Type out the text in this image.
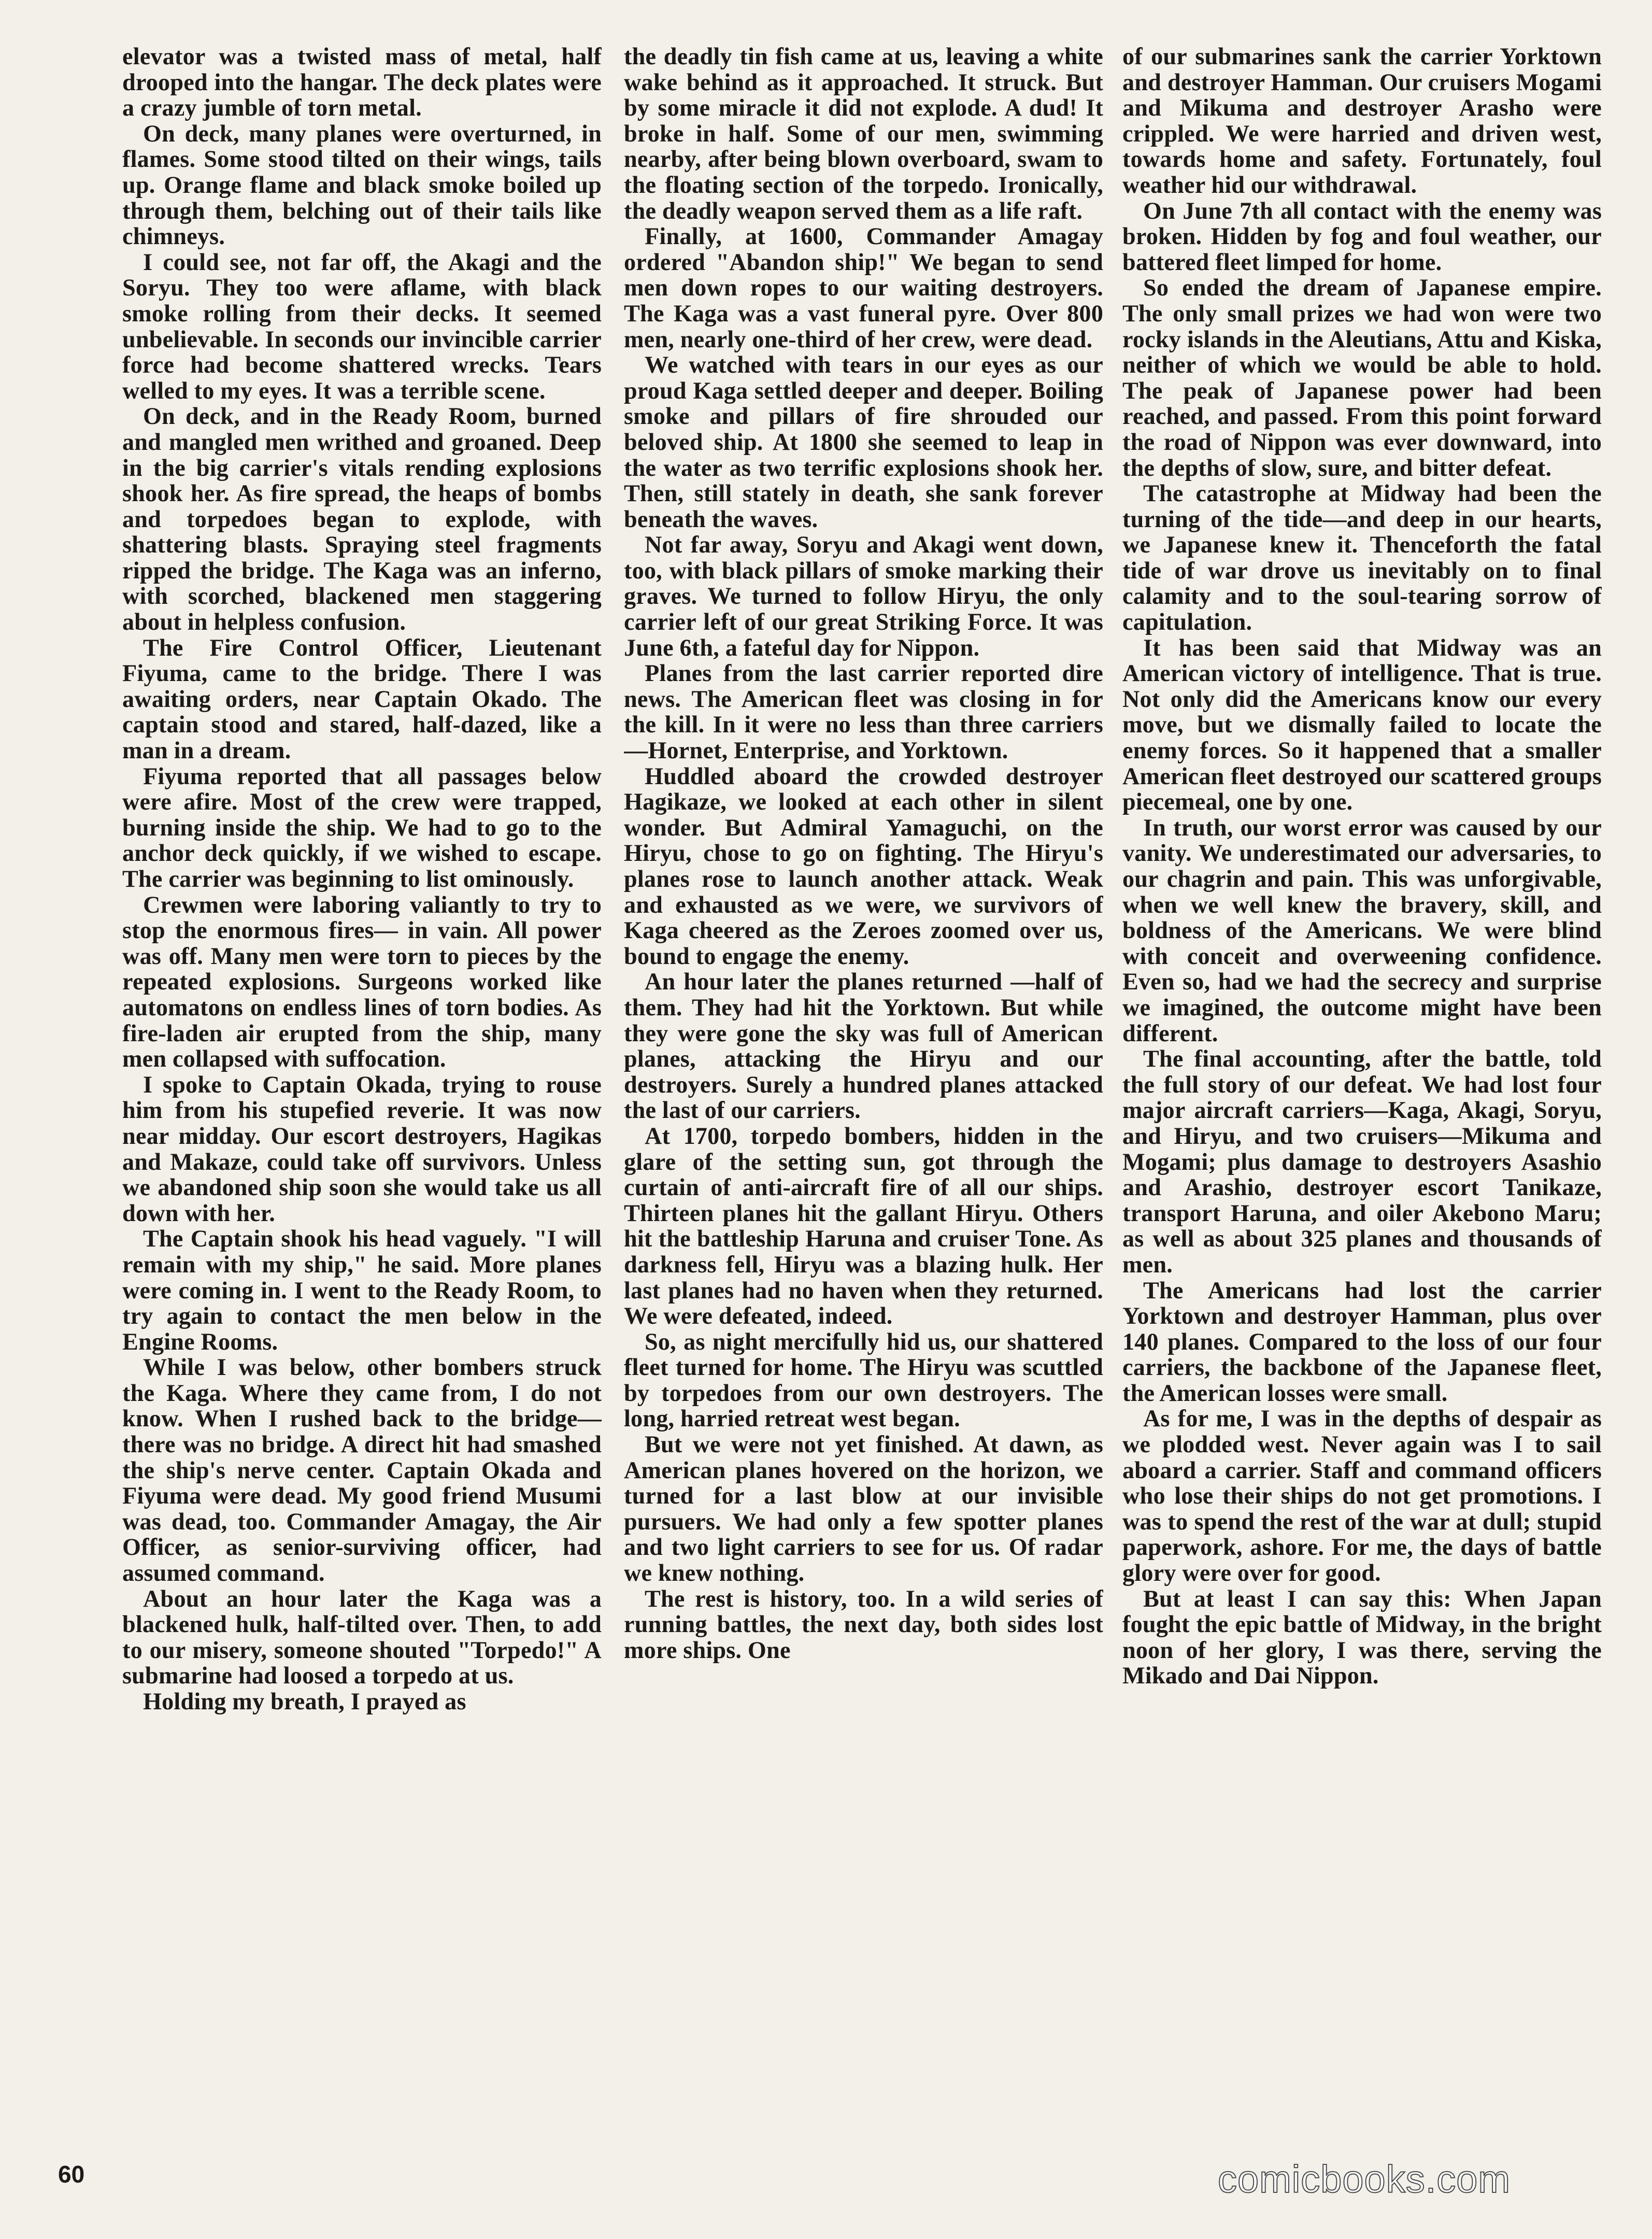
elevator was a twisted mass of metal, half drooped into the hangar. The deck plates were a crazy jumble of torn metal.

On deck, many planes were overturned, in flames. Some stood tilted on their wings, tails up. Orange flame and black smoke boiled up through them, belching out of their tails like chimneys.

I could see, not far off, the Akagi and the Soryu. They too were aflame, with black smoke rolling from their decks. It seemed unbelievable. In seconds our invincible carrier force had become shattered wrecks. Tears welled to my eyes. It was a terrible scene.

On deck, and in the Ready Room, burned and mangled men writhed and groaned. Deep in the big carrier's vitals rending explosions shook her. As fire spread, the heaps of bombs and torpedoes began to explode, with shattering blasts. Spraying steel fragments ripped the bridge. The Kaga was an inferno, with scorched, blackened men staggering about in helpless confusion.

The Fire Control Officer, Lieutenant Fiyuma, came to the bridge. There I was awaiting orders, near Captain Okado. The captain stood and stared, half-dazed, like a man in a dream.

Fiyuma reported that all passages below were afire. Most of the crew were trapped, burning inside the ship. We had to go to the anchor deck quickly, if we wished to escape. The carrier was beginning to list ominously.

Crewmen were laboring valiantly to try to stop the enormous fires— in vain. All power was off. Many men were torn to pieces by the repeated explosions. Surgeons worked like automatons on endless lines of torn bodies. As fire-laden air erupted from the ship, many men collapsed with suffocation.

I spoke to Captain Okada, trying to rouse him from his stupefied reverie. It was now near midday. Our escort destroyers, Hagikas and Makaze, could take off survivors. Unless we abandoned ship soon she would take us all down with her.

The Captain shook his head vaguely. "I will remain with my ship," he said. More planes were coming in. I went to the Ready Room, to try again to contact the men below in the Engine Rooms.

While I was below, other bombers struck the Kaga. Where they came from, I do not know. When I rushed back to the bridge—there was no bridge. A direct hit had smashed the ship's nerve center. Captain Okada and Fiyuma were dead. My good friend Musumi was dead, too. Commander Amagay, the Air Officer, as senior-surviving officer, had assumed command.

About an hour later the Kaga was a blackened hulk, half-tilted over. Then, to add to our misery, someone shouted "Torpedo!" A submarine had loosed a torpedo at us.

Holding my breath, I prayed as

the deadly tin fish came at us, leaving a white wake behind as it approached. It struck. But by some miracle it did not explode. A dud! It broke in half. Some of our men, swimming nearby, after being blown overboard, swam to the floating section of the torpedo. Ironically, the deadly weapon served them as a life raft.

Finally, at 1600, Commander Amagay ordered "Abandon ship!" We began to send men down ropes to our waiting destroyers. The Kaga was a vast funeral pyre. Over 800 men, nearly one-third of her crew, were dead.

We watched with tears in our eyes as our proud Kaga settled deeper and deeper. Boiling smoke and pillars of fire shrouded our beloved ship. At 1800 she seemed to leap in the water as two terrific explosions shook her. Then, still stately in death, she sank forever beneath the waves.

Not far away, Soryu and Akagi went down, too, with black pillars of smoke marking their graves. We turned to follow Hiryu, the only carrier left of our great Striking Force. It was June 6th, a fateful day for Nippon.

Planes from the last carrier reported dire news. The American fleet was closing in for the kill. In it were no less than three carriers —Hornet, Enterprise, and Yorktown.

Huddled aboard the crowded destroyer Hagikaze, we looked at each other in silent wonder. But Admiral Yamaguchi, on the Hiryu, chose to go on fighting. The Hiryu's planes rose to launch another attack. Weak and exhausted as we were, we survivors of Kaga cheered as the Zeroes zoomed over us, bound to engage the enemy.

An hour later the planes returned —half of them. They had hit the Yorktown. But while they were gone the sky was full of American planes, attacking the Hiryu and our destroyers. Surely a hundred planes attacked the last of our carriers.

At 1700, torpedo bombers, hidden in the glare of the setting sun, got through the curtain of anti-aircraft fire of all our ships. Thirteen planes hit the gallant Hiryu. Others hit the battleship Haruna and cruiser Tone. As darkness fell, Hiryu was a blazing hulk. Her last planes had no haven when they returned. We were defeated, indeed.

So, as night mercifully hid us, our shattered fleet turned for home. The Hiryu was scuttled by torpedoes from our own destroyers. The long, harried retreat west began.

But we were not yet finished. At dawn, as American planes hovered on the horizon, we turned for a last blow at our invisible pursuers. We had only a few spotter planes and two light carriers to see for us. Of radar we knew nothing.

The rest is history, too. In a wild series of running battles, the next day, both sides lost more ships. One

of our submarines sank the carrier Yorktown and destroyer Hamman. Our cruisers Mogami and Mikuma and destroyer Arasho were crippled. We were harried and driven west, towards home and safety. Fortunately, foul weather hid our withdrawal.

On June 7th all contact with the enemy was broken. Hidden by fog and foul weather, our battered fleet limped for home.

So ended the dream of Japanese empire. The only small prizes we had won were two rocky islands in the Aleutians, Attu and Kiska, neither of which we would be able to hold. The peak of Japanese power had been reached, and passed. From this point forward the road of Nippon was ever downward, into the depths of slow, sure, and bitter defeat.

The catastrophe at Midway had been the turning of the tide—and deep in our hearts, we Japanese knew it. Thenceforth the fatal tide of war drove us inevitably on to final calamity and to the soul-tearing sorrow of capitulation.

It has been said that Midway was an American victory of intelligence. That is true. Not only did the Americans know our every move, but we dismally failed to locate the enemy forces. So it happened that a smaller American fleet destroyed our scattered groups piecemeal, one by one.

In truth, our worst error was caused by our vanity. We underestimated our adversaries, to our chagrin and pain. This was unforgivable, when we well knew the bravery, skill, and boldness of the Americans. We were blind with conceit and overweening confidence. Even so, had we had the secrecy and surprise we imagined, the outcome might have been different.

The final accounting, after the battle, told the full story of our defeat. We had lost four major aircraft carriers—Kaga, Akagi, Soryu, and Hiryu, and two cruisers—Mikuma and Mogami; plus damage to destroyers Asashio and Arashio, destroyer escort Tanikaze, transport Haruna, and oiler Akebono Maru; as well as about 325 planes and thousands of men.

The Americans had lost the carrier Yorktown and destroyer Hamman, plus over 140 planes. Compared to the loss of our four carriers, the backbone of the Japanese fleet, the American losses were small.

As for me, I was in the depths of despair as we plodded west. Never again was I to sail aboard a carrier. Staff and command officers who lose their ships do not get promotions. I was to spend the rest of the war at dull; stupid paperwork, ashore. For me, the days of battle glory were over for good.

But at least I can say this: When Japan fought the epic battle of Midway, in the bright noon of her glory, I was there, serving the Mikado and Dai Nippon.

60	comicbooks.com
